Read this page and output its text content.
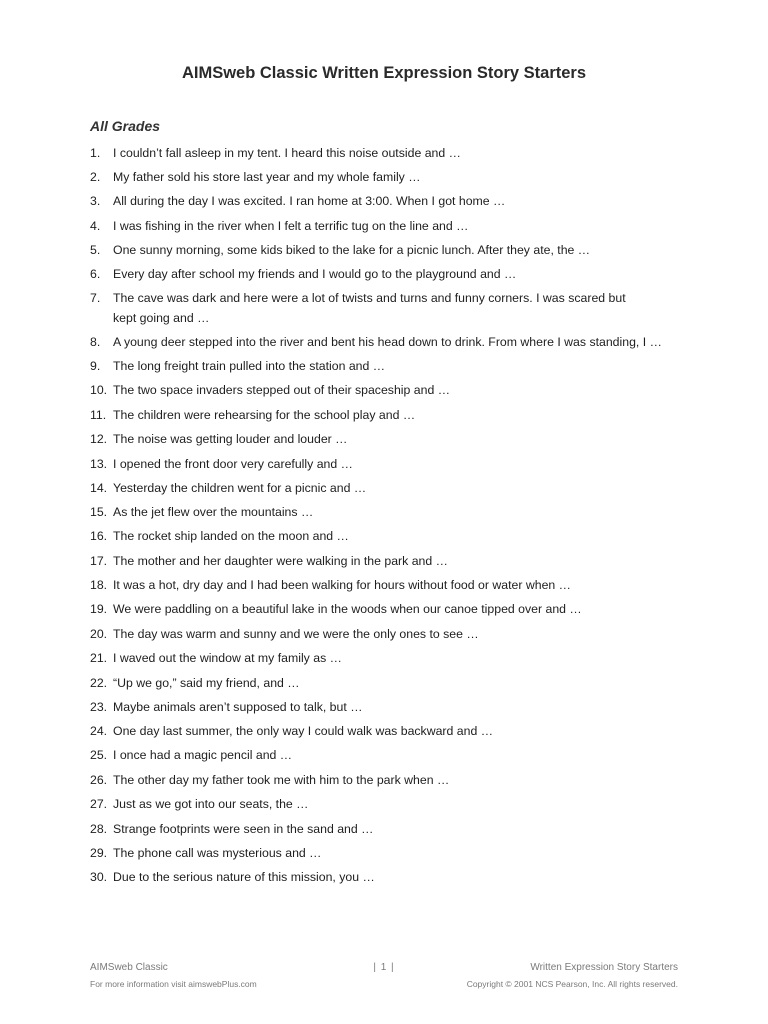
AIMSweb Classic Written Expression Story Starters
All Grades
1.	I couldn’t fall asleep in my tent. I heard this noise outside and …
2.	My father sold his store last year and my whole family …
3.	All during the day I was excited. I ran home at 3:00. When I got home …
4.	I was fishing in the river when I felt a terrific tug on the line and …
5.	One sunny morning, some kids biked to the lake for a picnic lunch. After they ate, the …
6.	Every day after school my friends and I would go to the playground and …
7.	The cave was dark and here were a lot of twists and turns and funny corners. I was scared but kept going and …
8.	A young deer stepped into the river and bent his head down to drink. From where I was standing, I …
9.	The long freight train pulled into the station and …
10. The two space invaders stepped out of their spaceship and …
11. The children were rehearsing for the school play and …
12. The noise was getting louder and louder …
13. I opened the front door very carefully and …
14. Yesterday the children went for a picnic and …
15. As the jet flew over the mountains …
16. The rocket ship landed on the moon and …
17. The mother and her daughter were walking in the park and …
18. It was a hot, dry day and I had been walking for hours without food or water when …
19. We were paddling on a beautiful lake in the woods when our canoe tipped over and …
20. The day was warm and sunny and we were the only ones to see …
21. I waved out the window at my family as …
22. “Up we go,” said my friend, and …
23. Maybe animals aren’t supposed to talk, but …
24. One day last summer, the only way I could walk was backward and …
25. I once had a magic pencil and …
26. The other day my father took me with him to the park when …
27. Just as we got into our seats, the …
28. Strange footprints were seen in the sand and …
29. The phone call was mysterious and …
30. Due to the serious nature of this mission, you …
AIMSweb Classic	| 1 |	Written Expression Story Starters
For more information visit aimswebPlus.com	Copyright © 2001 NCS Pearson, Inc. All rights reserved.
